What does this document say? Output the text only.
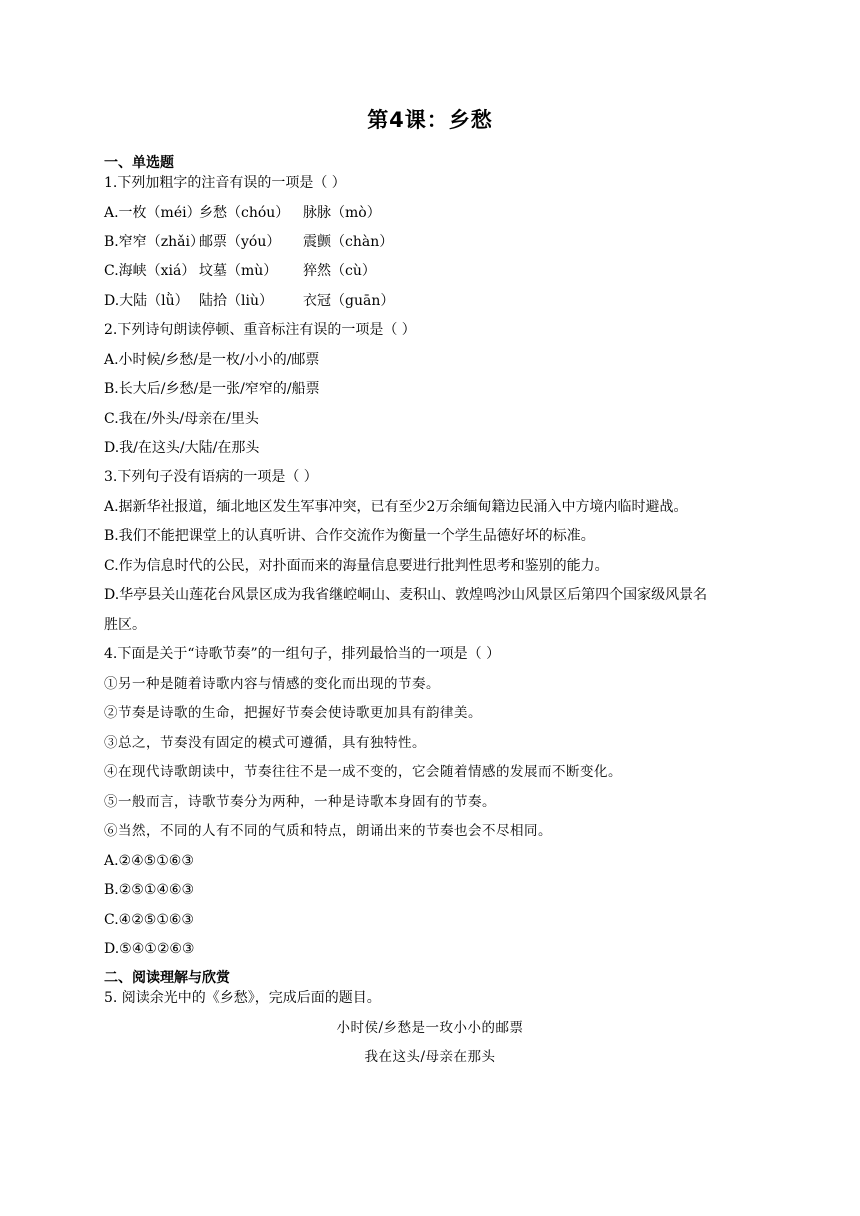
第4课：乡愁
一、单选题
1.下列加粗字的注音有误的一项是（ ）
A.一枚（méi）乡愁（chóu） 脉脉（mò）
B.窄窄（zhǎi）邮票（yóu） 震颤（chàn）
C.海峡（xiá） 坟墓（mù） 猝然（cù）
D.大陆（lǜ） 陆拾（liù） 衣冠（guān）
2.下列诗句朗读停顿、重音标注有误的一项是（ ）
A.小时候/乡愁/是一枚/小小的/邮票
B.长大后/乡愁/是一张/窄窄的/船票
C.我在/外头/母亲在/里头
D.我/在这头/大陆/在那头
3.下列句子没有语病的一项是（ ）
A.据新华社报道，缅北地区发生军事冲突，已有至少2万余缅甸籍边民涌入中方境内临时避战。
B.我们不能把课堂上的认真听讲、合作交流作为衡量一个学生品德好坏的标准。
C.作为信息时代的公民，对扑面而来的海量信息要进行批判性思考和鉴别的能力。
D.华亭县关山莲花台风景区成为我省继崆峒山、麦积山、敦煌鸣沙山风景区后第四个国家级风景名
胜区。
4.下面是关于“诗歌节奏”的一组句子，排列最恰当的一项是（ ）
①另一种是随着诗歌内容与情感的变化而出现的节奏。
②节奏是诗歌的生命，把握好节奏会使诗歌更加具有韵律美。
③总之，节奏没有固定的模式可遵循，具有独特性。
④在现代诗歌朗读中，节奏往往不是一成不变的，它会随着情感的发展而不断变化。
⑤一般而言，诗歌节奏分为两种，一种是诗歌本身固有的节奏。
⑥当然，不同的人有不同的气质和特点，朗诵出来的节奏也会不尽相同。
A.②④⑤①⑥③
B.②⑤①④⑥③
C.④②⑤①⑥③
D.⑤④①②⑥③
二、阅读理解与欣赏
5. 阅读余光中的《乡愁》，完成后面的题目。
小时侯/乡愁是一玫小小的邮票
我在这头/母亲在那头
